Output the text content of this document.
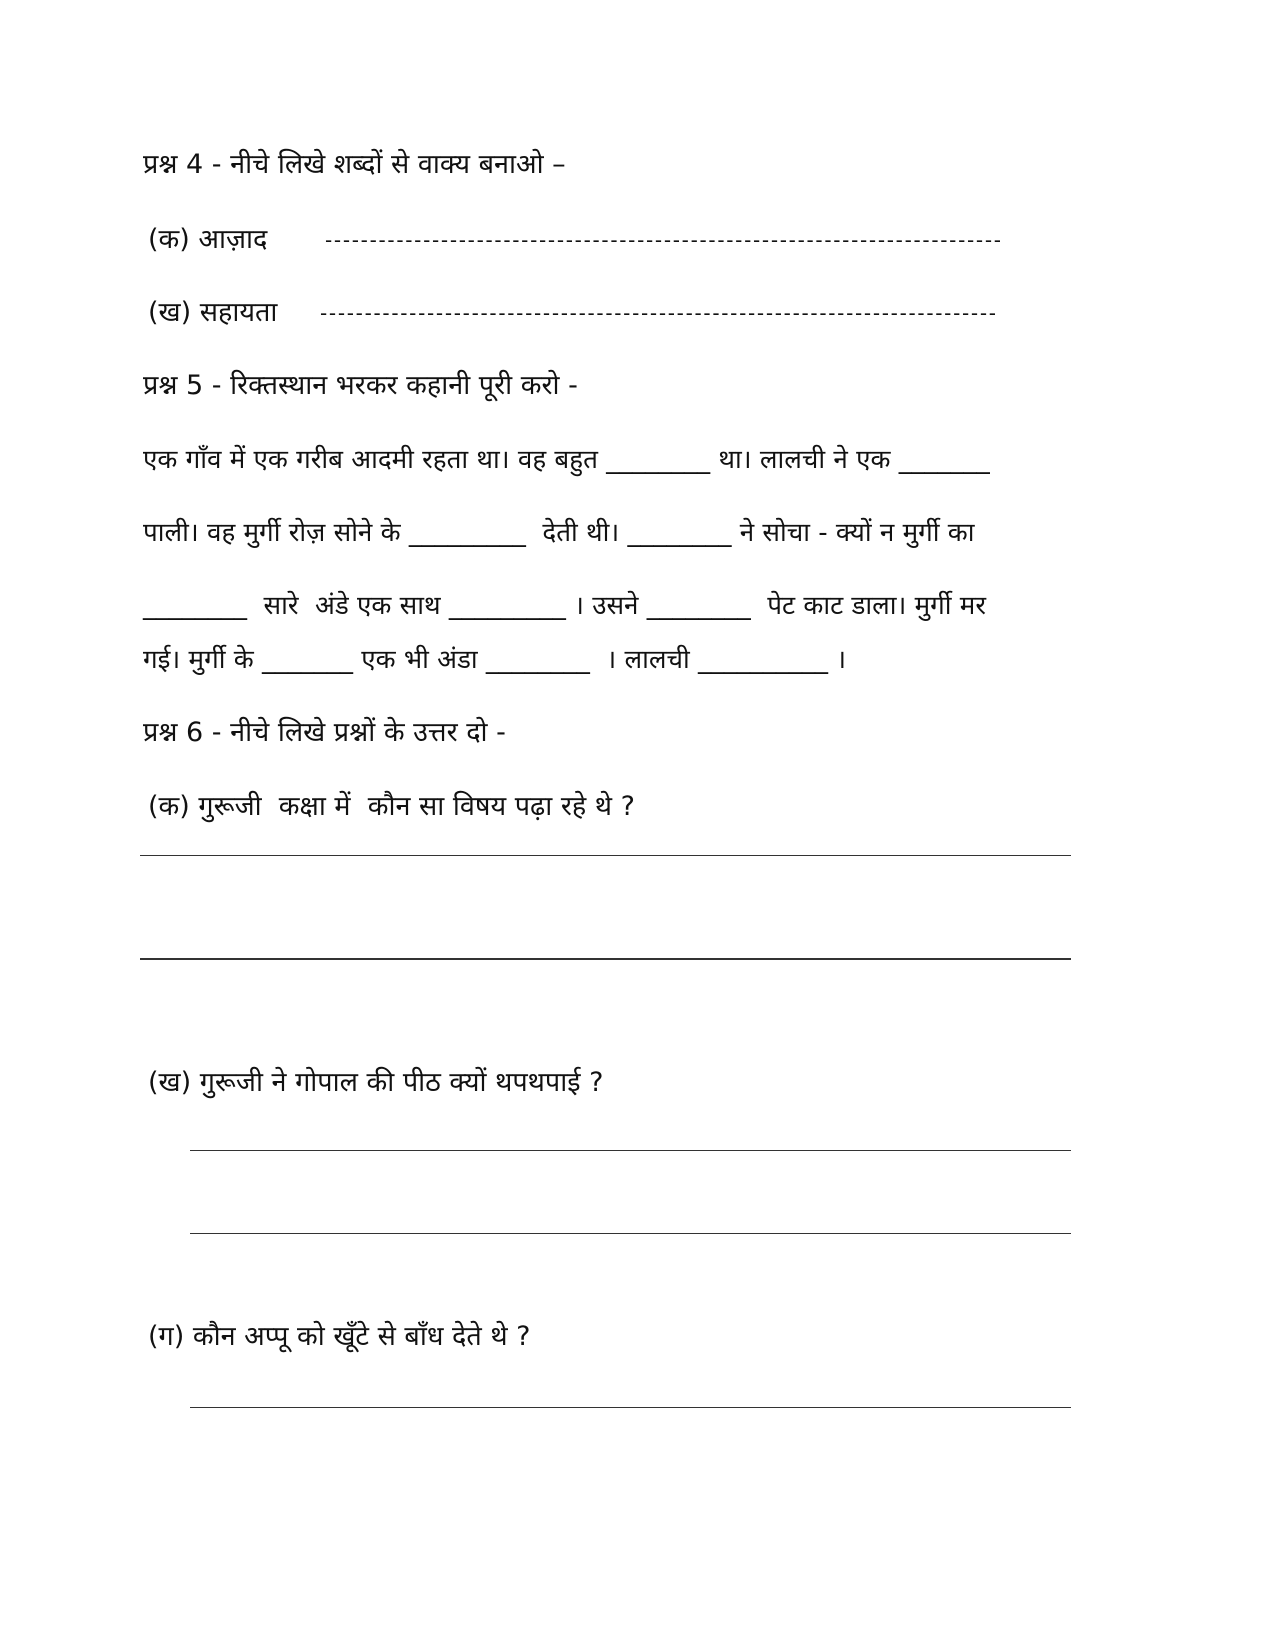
प्रश्न 4 - नीचे लिखे शब्दों से वाक्य बनाओ –
(क) आज़ाद	----------------------------------------------------------------------------
(ख) सहायता ----------------------------------------------------------------------------
प्रश्न 5 - रिक्तस्थान भरकर कहानी पूरी करो -
एक गाँव में एक गरीब आदमी रहता था। वह बहुत ________ था। लालची ने एक _______
पाली। वह मुर्गी रोज़ सोने के _________  देती थी। ________ ने सोचा - क्यों न मुर्गी का
________  सारे  अंडे एक साथ _________ । उसने ________  पेट काट डाला। मुर्गी मर
गई। मुर्गी के _______ एक भी अंडा ________  । लालची __________ ।
प्रश्न 6 - नीचे लिखे प्रश्नों के उत्तर दो -
(क) गुरूजी  कक्षा में  कौन सा विषय पढ़ा रहे थे ?
(ख) गुरूजी ने गोपाल की पीठ क्यों थपथपाई ?
(ग) कौन अप्पू को खूँटे से बाँध देते थे ?
